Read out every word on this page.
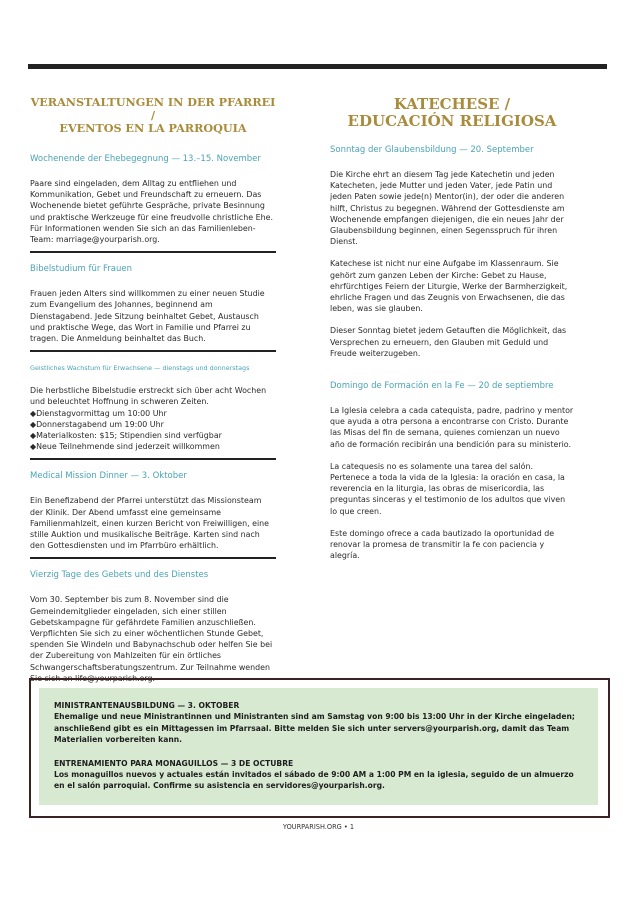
VERANSTALTUNGEN IN DER PFARREI /
EVENTOS EN LA PARROQUIA

Wochenende der Ehebegegnung — 13.–15. November

Paare sind eingeladen, dem Alltag zu entfliehen und Kommunikation, Gebet und Freundschaft zu erneuern. Das Wochenende bietet geführte Gespräche, private Besinnung und praktische Werkzeuge für eine freudvolle christliche Ehe. Für Informationen wenden Sie sich an das Familienleben-Team: marriage@yourparish.org.

Bibelstudium für Frauen

Frauen jeden Alters sind willkommen zu einer neuen Studie zum Evangelium des Johannes, beginnend am Dienstagabend. Jede Sitzung beinhaltet Gebet, Austausch und praktische Wege, das Wort in Familie und Pfarrei zu tragen. Die Anmeldung beinhaltet das Buch.

Geistliches Wachstum für Erwachsene — dienstags und donnerstags

Die herbstliche Bibelstudie erstreckt sich über acht Wochen und beleuchtet Hoffnung in schweren Zeiten.

◆ Dienstagvormittag um 10:00 Uhr
◆ Donnerstagabend um 19:00 Uhr
◆ Materialkosten: $15; Stipendien sind verfügbar
◆ Neue Teilnehmende sind jederzeit willkommen

Medical Mission Dinner — 3. Oktober

Ein Benefizabend der Pfarrei unterstützt das Missionsteam der Klinik. Der Abend umfasst eine gemeinsame Familienmahlzeit, einen kurzen Bericht von Freiwilligen, eine stille Auktion und musikalische Beiträge. Karten sind nach den Gottesdiensten und im Pfarrbüro erhältlich.

Vierzig Tage des Gebets und des Dienstes

Vom 30. September bis zum 8. November sind die Gemeindemitglieder eingeladen, sich einer stillen Gebetskampagne für gefährdete Familien anzuschließen. Verpflichten Sie sich zu einer wöchentlichen Stunde Gebet, spenden Sie Windeln und Babynachschub oder helfen Sie bei der Zubereitung von Mahlzeiten für ein örtliches Schwangerschaftsberatungszentrum. Zur Teilnahme wenden Sie sich an life@yourparish.org.

KATECHESE /
EDUCACIÓN RELIGIOSA

Sonntag der Glaubensbildung — 20. September

Die Kirche ehrt an diesem Tag jede Katechetin und jeden Katecheten, jede Mutter und jeden Vater, jede Patin und jeden Paten sowie jede(n) Mentor(in), der oder die anderen hilft, Christus zu begegnen. Während der Gottesdienste am Wochenende empfangen diejenigen, die ein neues Jahr der Glaubensbildung beginnen, einen Segensspruch für ihren Dienst.

Katechese ist nicht nur eine Aufgabe im Klassenraum. Sie gehört zum ganzen Leben der Kirche: Gebet zu Hause, ehrfürchtiges Feiern der Liturgie, Werke der Barmherzigkeit, ehrliche Fragen und das Zeugnis von Erwachsenen, die das leben, was sie glauben.

Dieser Sonntag bietet jedem Getauften die Möglichkeit, das Versprechen zu erneuern, den Glauben mit Geduld und Freude weiterzugeben.

Domingo de Formación en la Fe — 20 de septiembre

La Iglesia celebra a cada catequista, padre, padrino y mentor que ayuda a otra persona a encontrarse con Cristo. Durante las Misas del fin de semana, quienes comienzan un nuevo año de formación recibirán una bendición para su ministerio.

La catequesis no es solamente una tarea del salón. Pertenece a toda la vida de la Iglesia: la oración en casa, la reverencia en la liturgia, las obras de misericordia, las preguntas sinceras y el testimonio de los adultos que viven lo que creen.

Este domingo ofrece a cada bautizado la oportunidad de renovar la promesa de transmitir la fe con paciencia y alegría.

MINISTRANTENAUSBILDUNG — 3. OKTOBER

Ehemalige und neue Ministrantinnen und Ministranten sind am Samstag von 9:00 bis 13:00 Uhr in der Kirche eingeladen; anschließend gibt es ein Mittagessen im Pfarrsaal. Bitte melden Sie sich unter servers@yourparish.org, damit das Team Materialien vorbereiten kann.

ENTRENAMIENTO PARA MONAGUILLOS — 3 DE OCTUBRE

Los monaguillos nuevos y actuales están invitados el sábado de 9:00 AM a 1:00 PM en la iglesia, seguido de un almuerzo en el salón parroquial. Confirme su asistencia en servidores@yourparish.org.

YOURPARISH.ORG • 1
